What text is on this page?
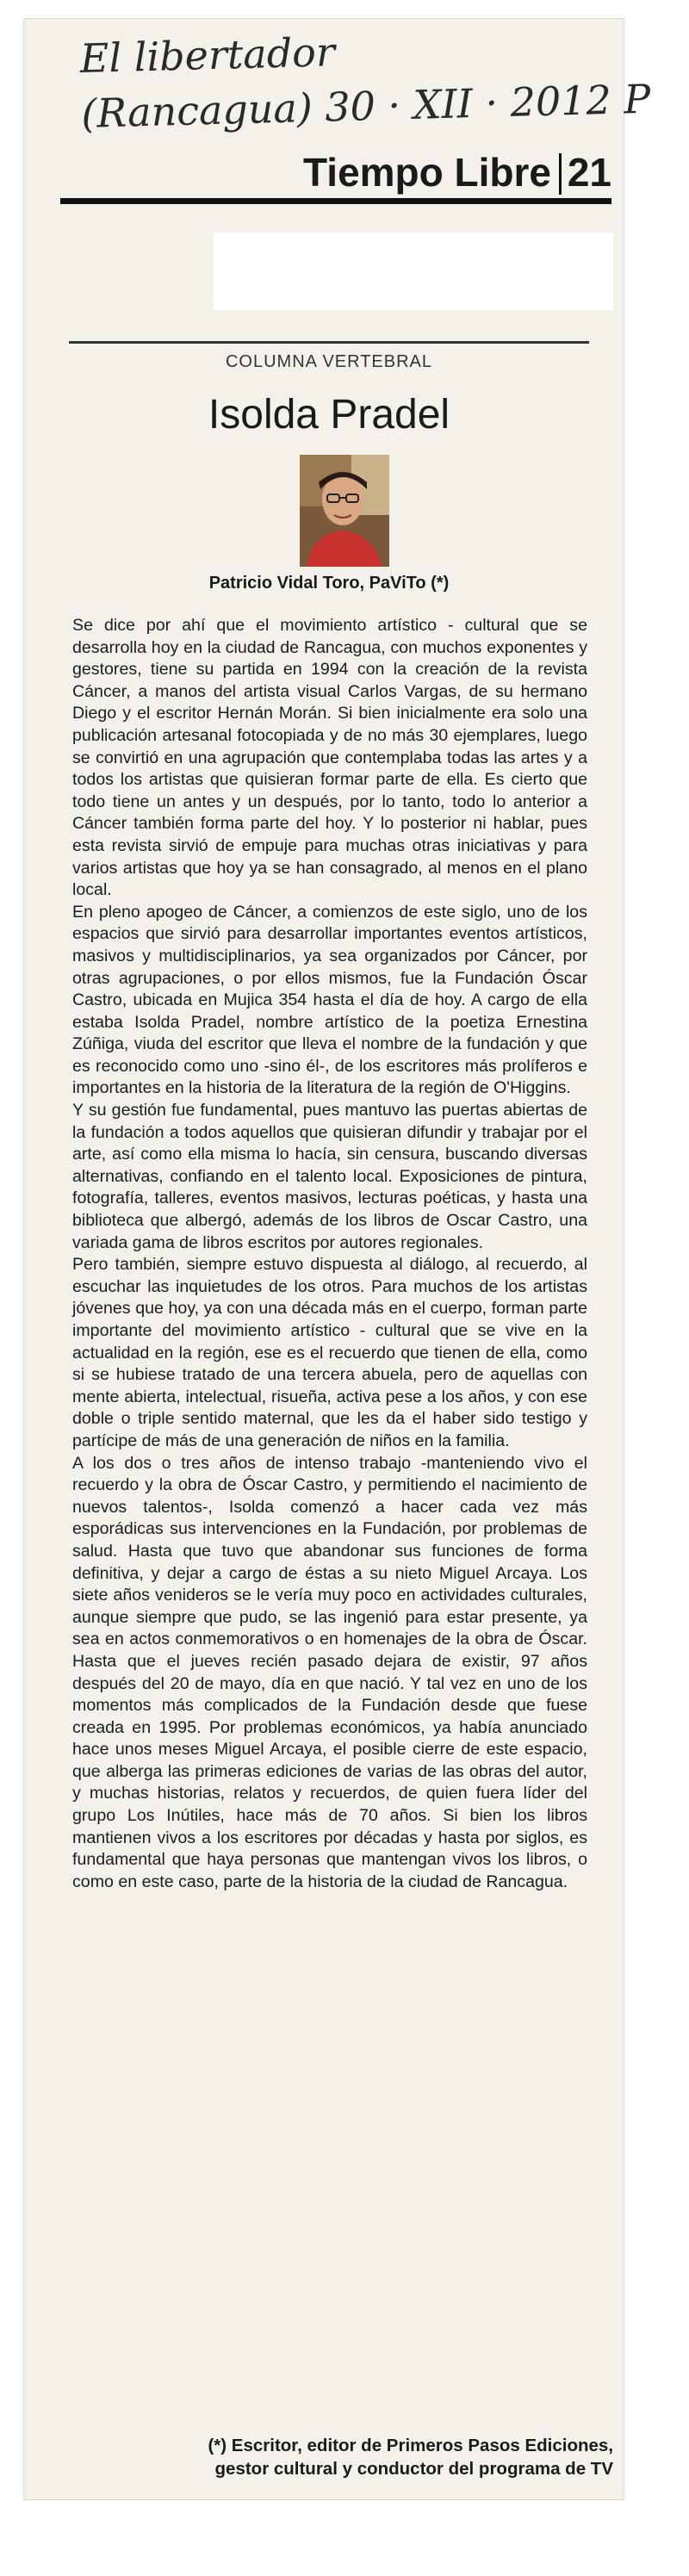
El libertador
(Rancagua) 30 · XII · 2012 P
Tiempo Libre 21
COLUMNA VERTEBRAL
Isolda Pradel
Patricio Vidal Toro, PaViTo (*)

Se dice por ahí que el movimiento artístico - cultural que se desarrolla hoy en la ciudad de Rancagua, con muchos exponentes y gestores, tiene su partida en 1994 con la creación de la revista Cáncer, a manos del artista visual Carlos Vargas, de su hermano Diego y el escritor Hernán Morán. Si bien inicialmente era solo una publicación artesanal fotocopiada y de no más 30 ejemplares, luego se convirtió en una agrupación que contemplaba todas las artes y a todos los artistas que quisieran formar parte de ella. Es cierto que todo tiene un antes y un después, por lo tanto, todo lo anterior a Cáncer también forma parte del hoy. Y lo posterior ni hablar, pues esta revista sirvió de empuje para muchas otras iniciativas y para varios artistas que hoy ya se han consagrado, al menos en el plano local.

En pleno apogeo de Cáncer, a comienzos de este siglo, uno de los espacios que sirvió para desarrollar importantes eventos artísticos, masivos y multidisciplinarios, ya sea organizados por Cáncer, por otras agrupaciones, o por ellos mismos, fue la Fundación Óscar Castro, ubicada en Mujica 354 hasta el día de hoy. A cargo de ella estaba Isolda Pradel, nombre artístico de la poetiza Ernestina Zúñiga, viuda del escritor que lleva el nombre de la fundación y que es reconocido como uno -sino él-, de los escritores más prolíferos e importantes en la historia de la literatura de la región de O'Higgins.

Y su gestión fue fundamental, pues mantuvo las puertas abiertas de la fundación a todos aquellos que quisieran difundir y trabajar por el arte, así como ella misma lo hacía, sin censura, buscando diversas alternativas, confiando en el talento local. Exposiciones de pintura, fotografía, talleres, eventos masivos, lecturas poéticas, y hasta una biblioteca que albergó, además de los libros de Oscar Castro, una variada gama de libros escritos por autores regionales.

Pero también, siempre estuvo dispuesta al diálogo, al recuerdo, al escuchar las inquietudes de los otros. Para muchos de los artistas jóvenes que hoy, ya con una década más en el cuerpo, forman parte importante del movimiento artístico - cultural que se vive en la actualidad en la región, ese es el recuerdo que tienen de ella, como si se hubiese tratado de una tercera abuela, pero de aquellas con mente abierta, intelectual, risueña, activa pese a los años, y con ese doble o triple sentido maternal, que les da el haber sido testigo y partícipe de más de una generación de niños en la familia.

A los dos o tres años de intenso trabajo -manteniendo vivo el recuerdo y la obra de Óscar Castro, y permitiendo el nacimiento de nuevos talentos-, Isolda comenzó a hacer cada vez más esporádicas sus intervenciones en la Fundación, por problemas de salud. Hasta que tuvo que abandonar sus funciones de forma definitiva, y dejar a cargo de éstas a su nieto Miguel Arcaya. Los siete años venideros se le vería muy poco en actividades culturales, aunque siempre que pudo, se las ingenió para estar presente, ya sea en actos conmemorativos o en homenajes de la obra de Óscar. Hasta que el jueves recién pasado dejara de existir, 97 años después del 20 de mayo, día en que nació. Y tal vez en uno de los momentos más complicados de la Fundación desde que fuese creada en 1995. Por problemas económicos, ya había anunciado hace unos meses Miguel Arcaya, el posible cierre de este espacio, que alberga las primeras ediciones de varias de las obras del autor, y muchas historias, relatos y recuerdos, de quien fuera líder del grupo Los Inútiles, hace más de 70 años. Si bien los libros mantienen vivos a los escritores por décadas y hasta por siglos, es fundamental que haya personas que mantengan vivos los libros, o como en este caso, parte de la historia de la ciudad de Rancagua.

(*) Escritor, editor de Primeros Pasos Ediciones,
gestor cultural y conductor del programa de TV
